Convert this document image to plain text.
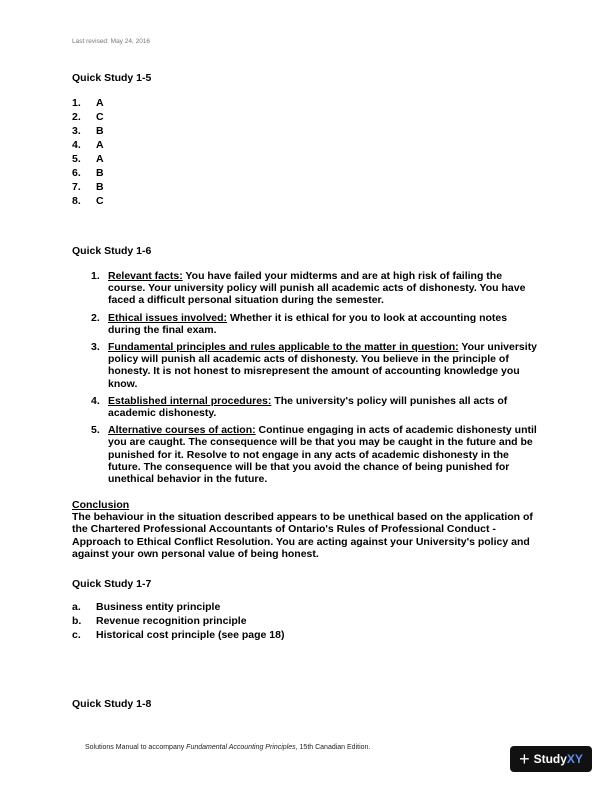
Last revised: May 24, 2016
Quick Study 1-5
1.	A
2.	C
3.	B
4.	A
5.	A
6.	B
7.	B
8.	C
Quick Study 1-6
1. Relevant facts: You have failed your midterms and are at high risk of failing the course. Your university policy will punish all academic acts of dishonesty. You have faced a difficult personal situation during the semester.
2. Ethical issues involved: Whether it is ethical for you to look at accounting notes during the final exam.
3. Fundamental principles and rules applicable to the matter in question: Your university policy will punish all academic acts of dishonesty. You believe in the principle of honesty. It is not honest to misrepresent the amount of accounting knowledge you know.
4. Established internal procedures: The university's policy will punishes all acts of academic dishonesty.
5. Alternative courses of action: Continue engaging in acts of academic dishonesty until you are caught. The consequence will be that you may be caught in the future and be punished for it. Resolve to not engage in any acts of academic dishonesty in the future. The consequence will be that you avoid the chance of being punished for unethical behavior in the future.
Conclusion
The behaviour in the situation described appears to be unethical based on the application of the Chartered Professional Accountants of Ontario's Rules of Professional Conduct - Approach to Ethical Conflict Resolution. You are acting against your University's policy and against your own personal value of being honest.
Quick Study 1-7
a.	Business entity principle
b.	Revenue recognition principle
c.	Historical cost principle (see page 18)
Quick Study 1-8
Solutions Manual to accompany Fundamental Accounting Principles, 15th Canadian Edition.
+ Study XY
